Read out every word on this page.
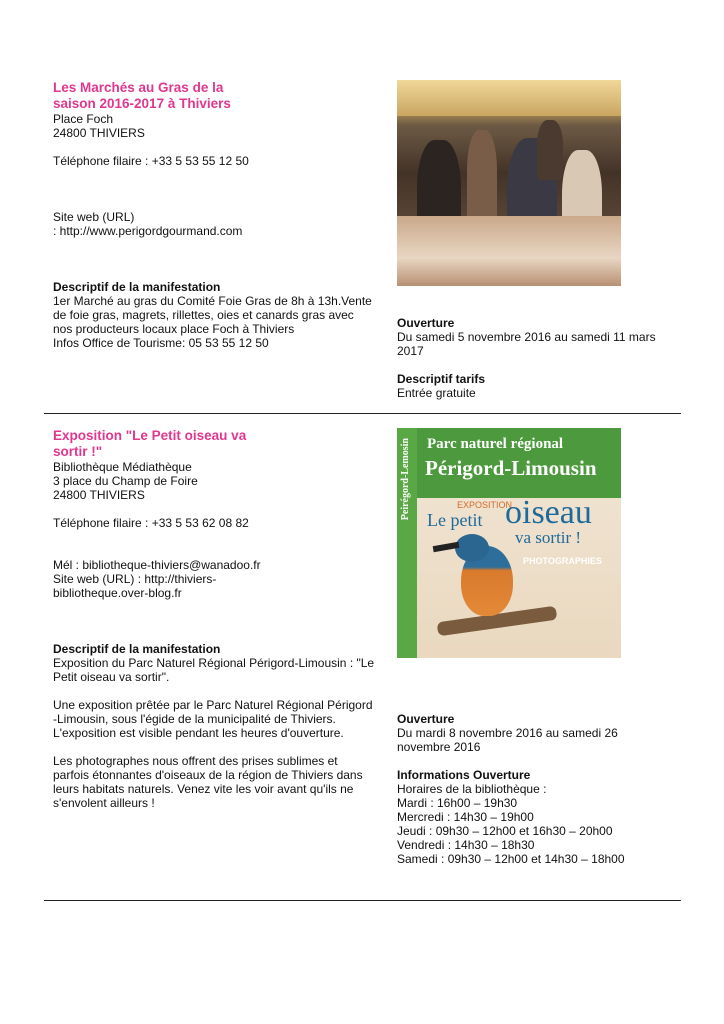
Les Marchés au Gras de la
saison 2016-2017 à Thiviers
Place Foch
24800 THIVIERS
Téléphone filaire : +33 5 53 55 12 50
Site web (URL)
: http://www.perigordgourmand.com
Descriptif de la manifestation
1er Marché au gras du Comité Foie Gras de 8h à 13h.Vente
de foie gras, magrets, rillettes, oies et canards gras avec
nos producteurs locaux place Foch à Thiviers
Infos Office de Tourisme: 05 53 55 12 50
Ouverture
Du samedi 5 novembre 2016 au samedi 11 mars
2017
Descriptif tarifs
Entrée gratuite
Exposition "Le Petit oiseau va
sortir !"
Bibliothèque Médiathèque
3 place du Champ de Foire
24800 THIVIERS
Téléphone filaire : +33 5 53 62 08 82
Mél : bibliotheque-thiviers@wanadoo.fr
Site web (URL) : http://thiviers-
bibliotheque.over-blog.fr
Descriptif de la manifestation
Exposition du Parc Naturel Régional Périgord-Limousin : "Le
Petit oiseau va sortir".
Une exposition prêtée par le Parc Naturel Régional Périgord
-Limousin, sous l'égide de la municipalité de Thiviers.
L'exposition est visible pendant les heures d'ouverture.
Les photographes nous offrent des prises sublimes et
parfois étonnantes d'oiseaux de la région de Thiviers dans
leurs habitats naturels. Venez vite les voir avant qu'ils ne
s'envolent ailleurs !
Peirégord-Lemosin Parc naturel régional
Périgord-Limousin
EXPOSITION
Le petit oiseau
va sortir !
PHOTOGRAPHIES
Ouverture
Du mardi 8 novembre 2016 au samedi 26
novembre 2016
Informations Ouverture
Horaires de la bibliothèque :
Mardi : 16h00 – 19h30
Mercredi : 14h30 – 19h00
Jeudi : 09h30 – 12h00 et 16h30 – 20h00
Vendredi : 14h30 – 18h30
Samedi : 09h30 – 12h00 et 14h30 – 18h00
